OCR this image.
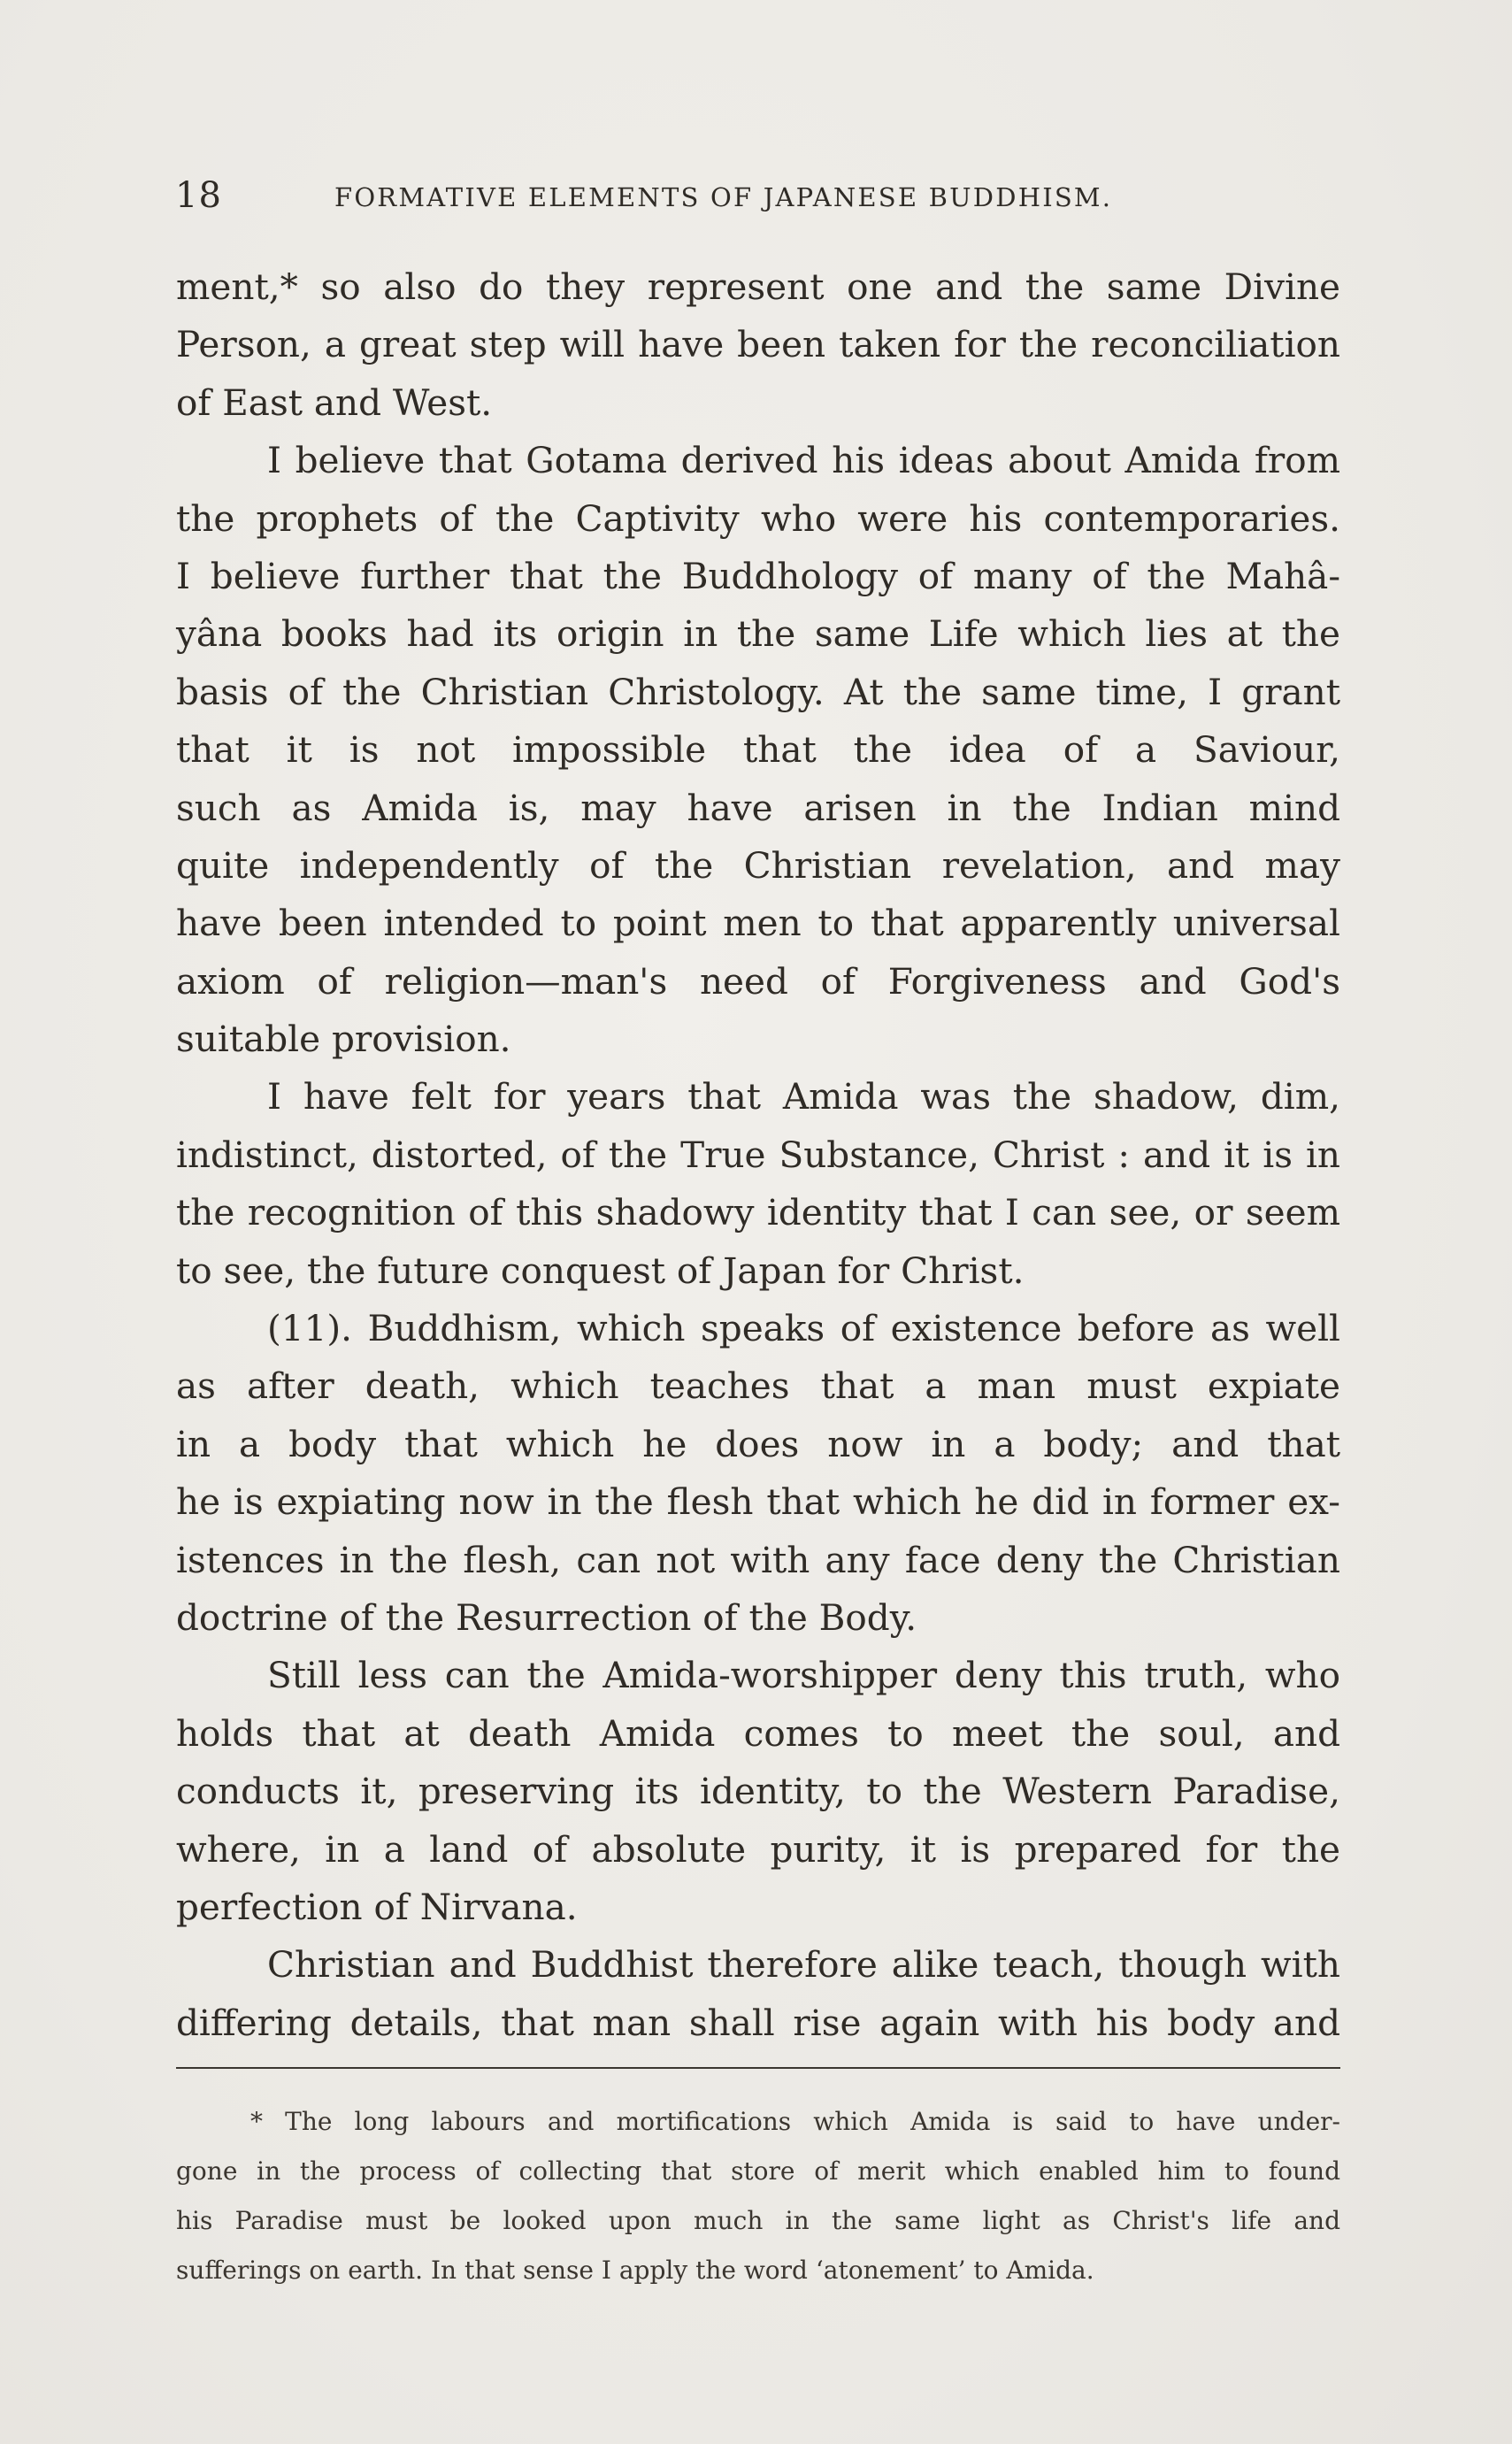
18	FORMATIVE ELEMENTS OF JAPANESE BUDDHISM.
ment,* so also do they represent one and the same Divine
Person, a great step will have been taken for the reconciliation
of East and West.
I believe that Gotama derived his ideas about Amida from
the prophets of the Captivity who were his contemporaries.
I believe further that the Buddhology of many of the Mahâ-
yâna books had its origin in the same Life which lies at the
basis of the Christian Christology. At the same time, I grant
that it is not impossible that the idea of a Saviour,
such as Amida is, may have arisen in the Indian mind
quite independently of the Christian revelation, and may
have been intended to point men to that apparently universal
axiom of religion—man's need of Forgiveness and God's
suitable provision.
I have felt for years that Amida was the shadow, dim,
indistinct, distorted, of the True Substance, Christ : and it is in
the recognition of this shadowy identity that I can see, or seem
to see, the future conquest of Japan for Christ.
(11). Buddhism, which speaks of existence before as well
as after death, which teaches that a man must expiate
in a body that which he does now in a body; and that
he is expiating now in the flesh that which he did in former ex-
istences in the flesh, can not with any face deny the Christian
doctrine of the Resurrection of the Body.
Still less can the Amida-worshipper deny this truth, who
holds that at death Amida comes to meet the soul, and
conducts it, preserving its identity, to the Western Paradise,
where, in a land of absolute purity, it is prepared for the
perfection of Nirvana.
Christian and Buddhist therefore alike teach, though with
differing details, that man shall rise again with his body and
* The long labours and mortifications which Amida is said to have under-
gone in the process of collecting that store of merit which enabled him to found
his Paradise must be looked upon much in the same light as Christ's life and
sufferings on earth. In that sense I apply the word ‘atonement’ to Amida.
